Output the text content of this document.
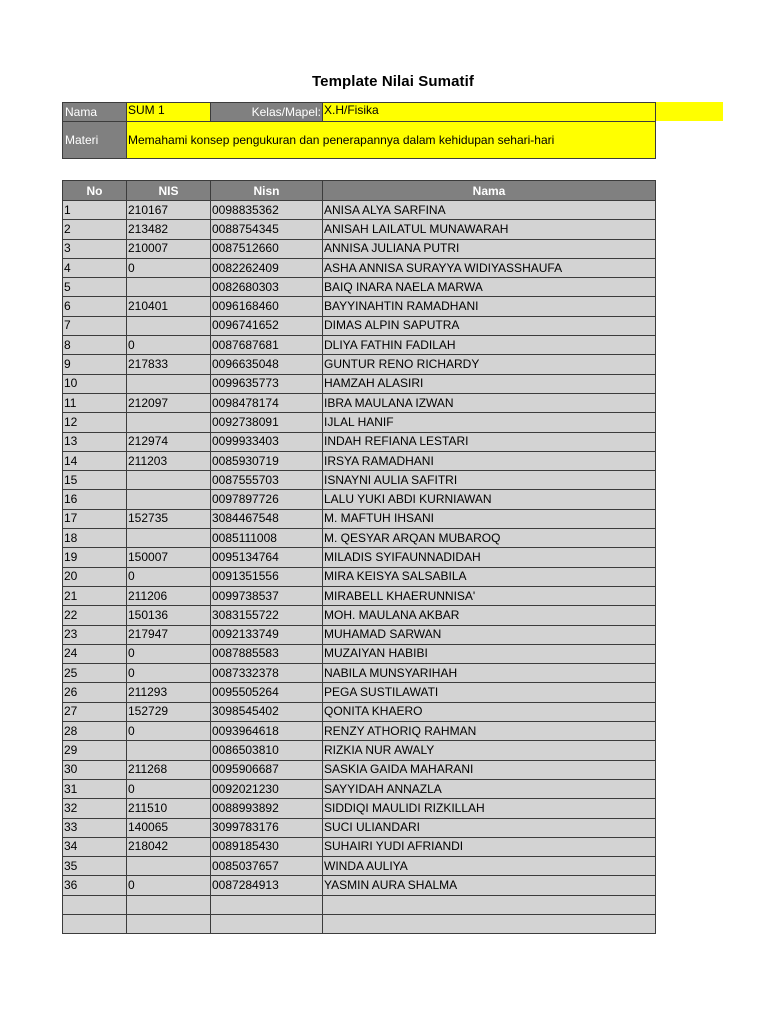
Template Nilai Sumatif
Nama	SUM 1	Kelas/Mapel:	X.H/Fisika
Materi	Memahami konsep pengukuran dan penerapannya dalam kehidupan sehari-hari		
No	NIS	Nisn	Nama
1	210167	0098835362	ANISA ALYA SARFINA
2	213482	0088754345	ANISAH LAILATUL MUNAWARAH
3	210007	0087512660	ANNISA JULIANA PUTRI
4	0	0082262409	ASHA ANNISA SURAYYA WIDIYASSHAUFA
5		0082680303	BAIQ INARA NAELA MARWA
6	210401	0096168460	BAYYINAHTIN RAMADHANI
7		0096741652	DIMAS ALPIN SAPUTRA
8	0	0087687681	DLIYA FATHIN FADILAH
9	217833	0096635048	GUNTUR RENO RICHARDY
10		0099635773	HAMZAH ALASIRI
11	212097	0098478174	IBRA MAULANA IZWAN
12		0092738091	IJLAL HANIF
13	212974	0099933403	INDAH REFIANA LESTARI
14	211203	0085930719	IRSYA RAMADHANI
15		0087555703	ISNAYNI AULIA SAFITRI
16		0097897726	LALU YUKI ABDI KURNIAWAN
17	152735	3084467548	M. MAFTUH IHSANI
18		0085111008	M. QESYAR ARQAN MUBAROQ
19	150007	0095134764	MILADIS SYIFAUNNADIDAH
20	0	0091351556	MIRA KEISYA SALSABILA
21	211206	0099738537	MIRABELL KHAERUNNISA'
22	150136	3083155722	MOH. MAULANA AKBAR
23	217947	0092133749	MUHAMAD SARWAN
24	0	0087885583	MUZAIYAN HABIBI
25	0	0087332378	NABILA MUNSYARIHAH
26	211293	0095505264	PEGA SUSTILAWATI
27	152729	3098545402	QONITA KHAERO
28	0	0093964618	RENZY ATHORIQ RAHMAN
29		0086503810	RIZKIA NUR AWALY
30	211268	0095906687	SASKIA GAIDA MAHARANI
31	0	0092021230	SAYYIDAH ANNAZLA
32	211510	0088993892	SIDDIQI MAULIDI RIZKILLAH
33	140065	3099783176	SUCI ULIANDARI
34	218042	0089185430	SUHAIRI YUDI AFRIANDI
35		0085037657	WINDA AULIYA
36	0	0087284913	YASMIN AURA SHALMA
